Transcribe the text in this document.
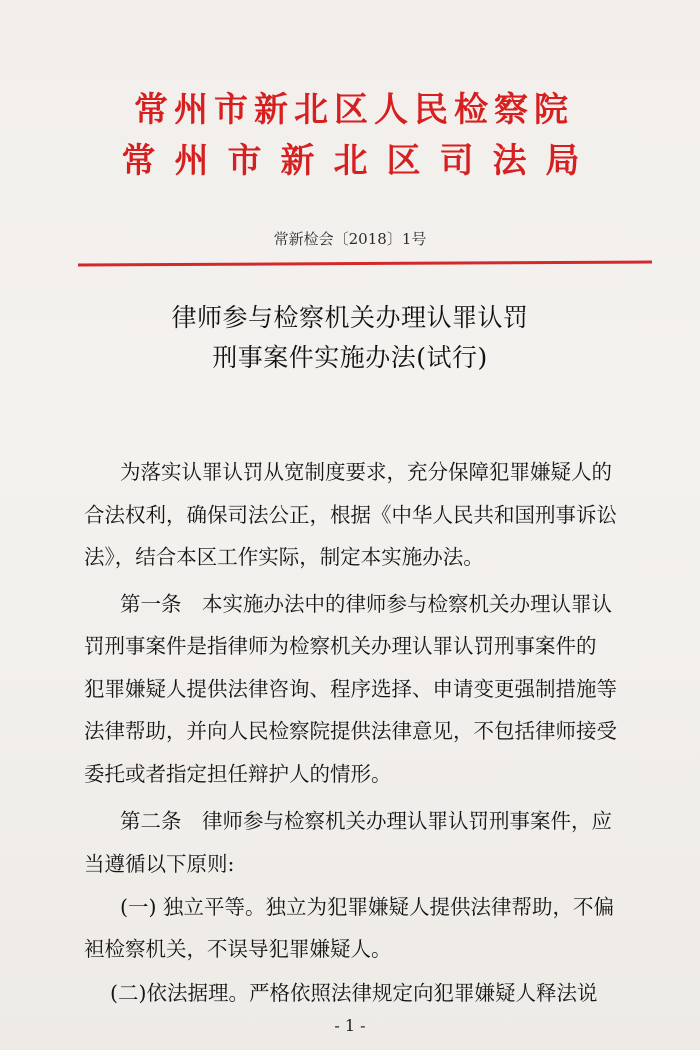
常州市新北区人民检察院
常州市新北区司法局
常新检会〔2018〕1号
律师参与检察机关办理认罪认罚
刑事案件实施办法(试行)
为落实认罪认罚从宽制度要求，充分保障犯罪嫌疑人的
合法权利，确保司法公正，根据《中华人民共和国刑事诉讼
法》，结合本区工作实际，制定本实施办法。
第一条　本实施办法中的律师参与检察机关办理认罪认
罚刑事案件是指律师为检察机关办理认罪认罚刑事案件的
犯罪嫌疑人提供法律咨询、程序选择、申请变更强制措施等
法律帮助，并向人民检察院提供法律意见，不包括律师接受
委托或者指定担任辩护人的情形。
第二条　律师参与检察机关办理认罪认罚刑事案件，应
当遵循以下原则:
(一) 独立平等。独立为犯罪嫌疑人提供法律帮助，不偏
袒检察机关，不误导犯罪嫌疑人。
(二)依法据理。严格依照法律规定向犯罪嫌疑人释法说
- 1 -
